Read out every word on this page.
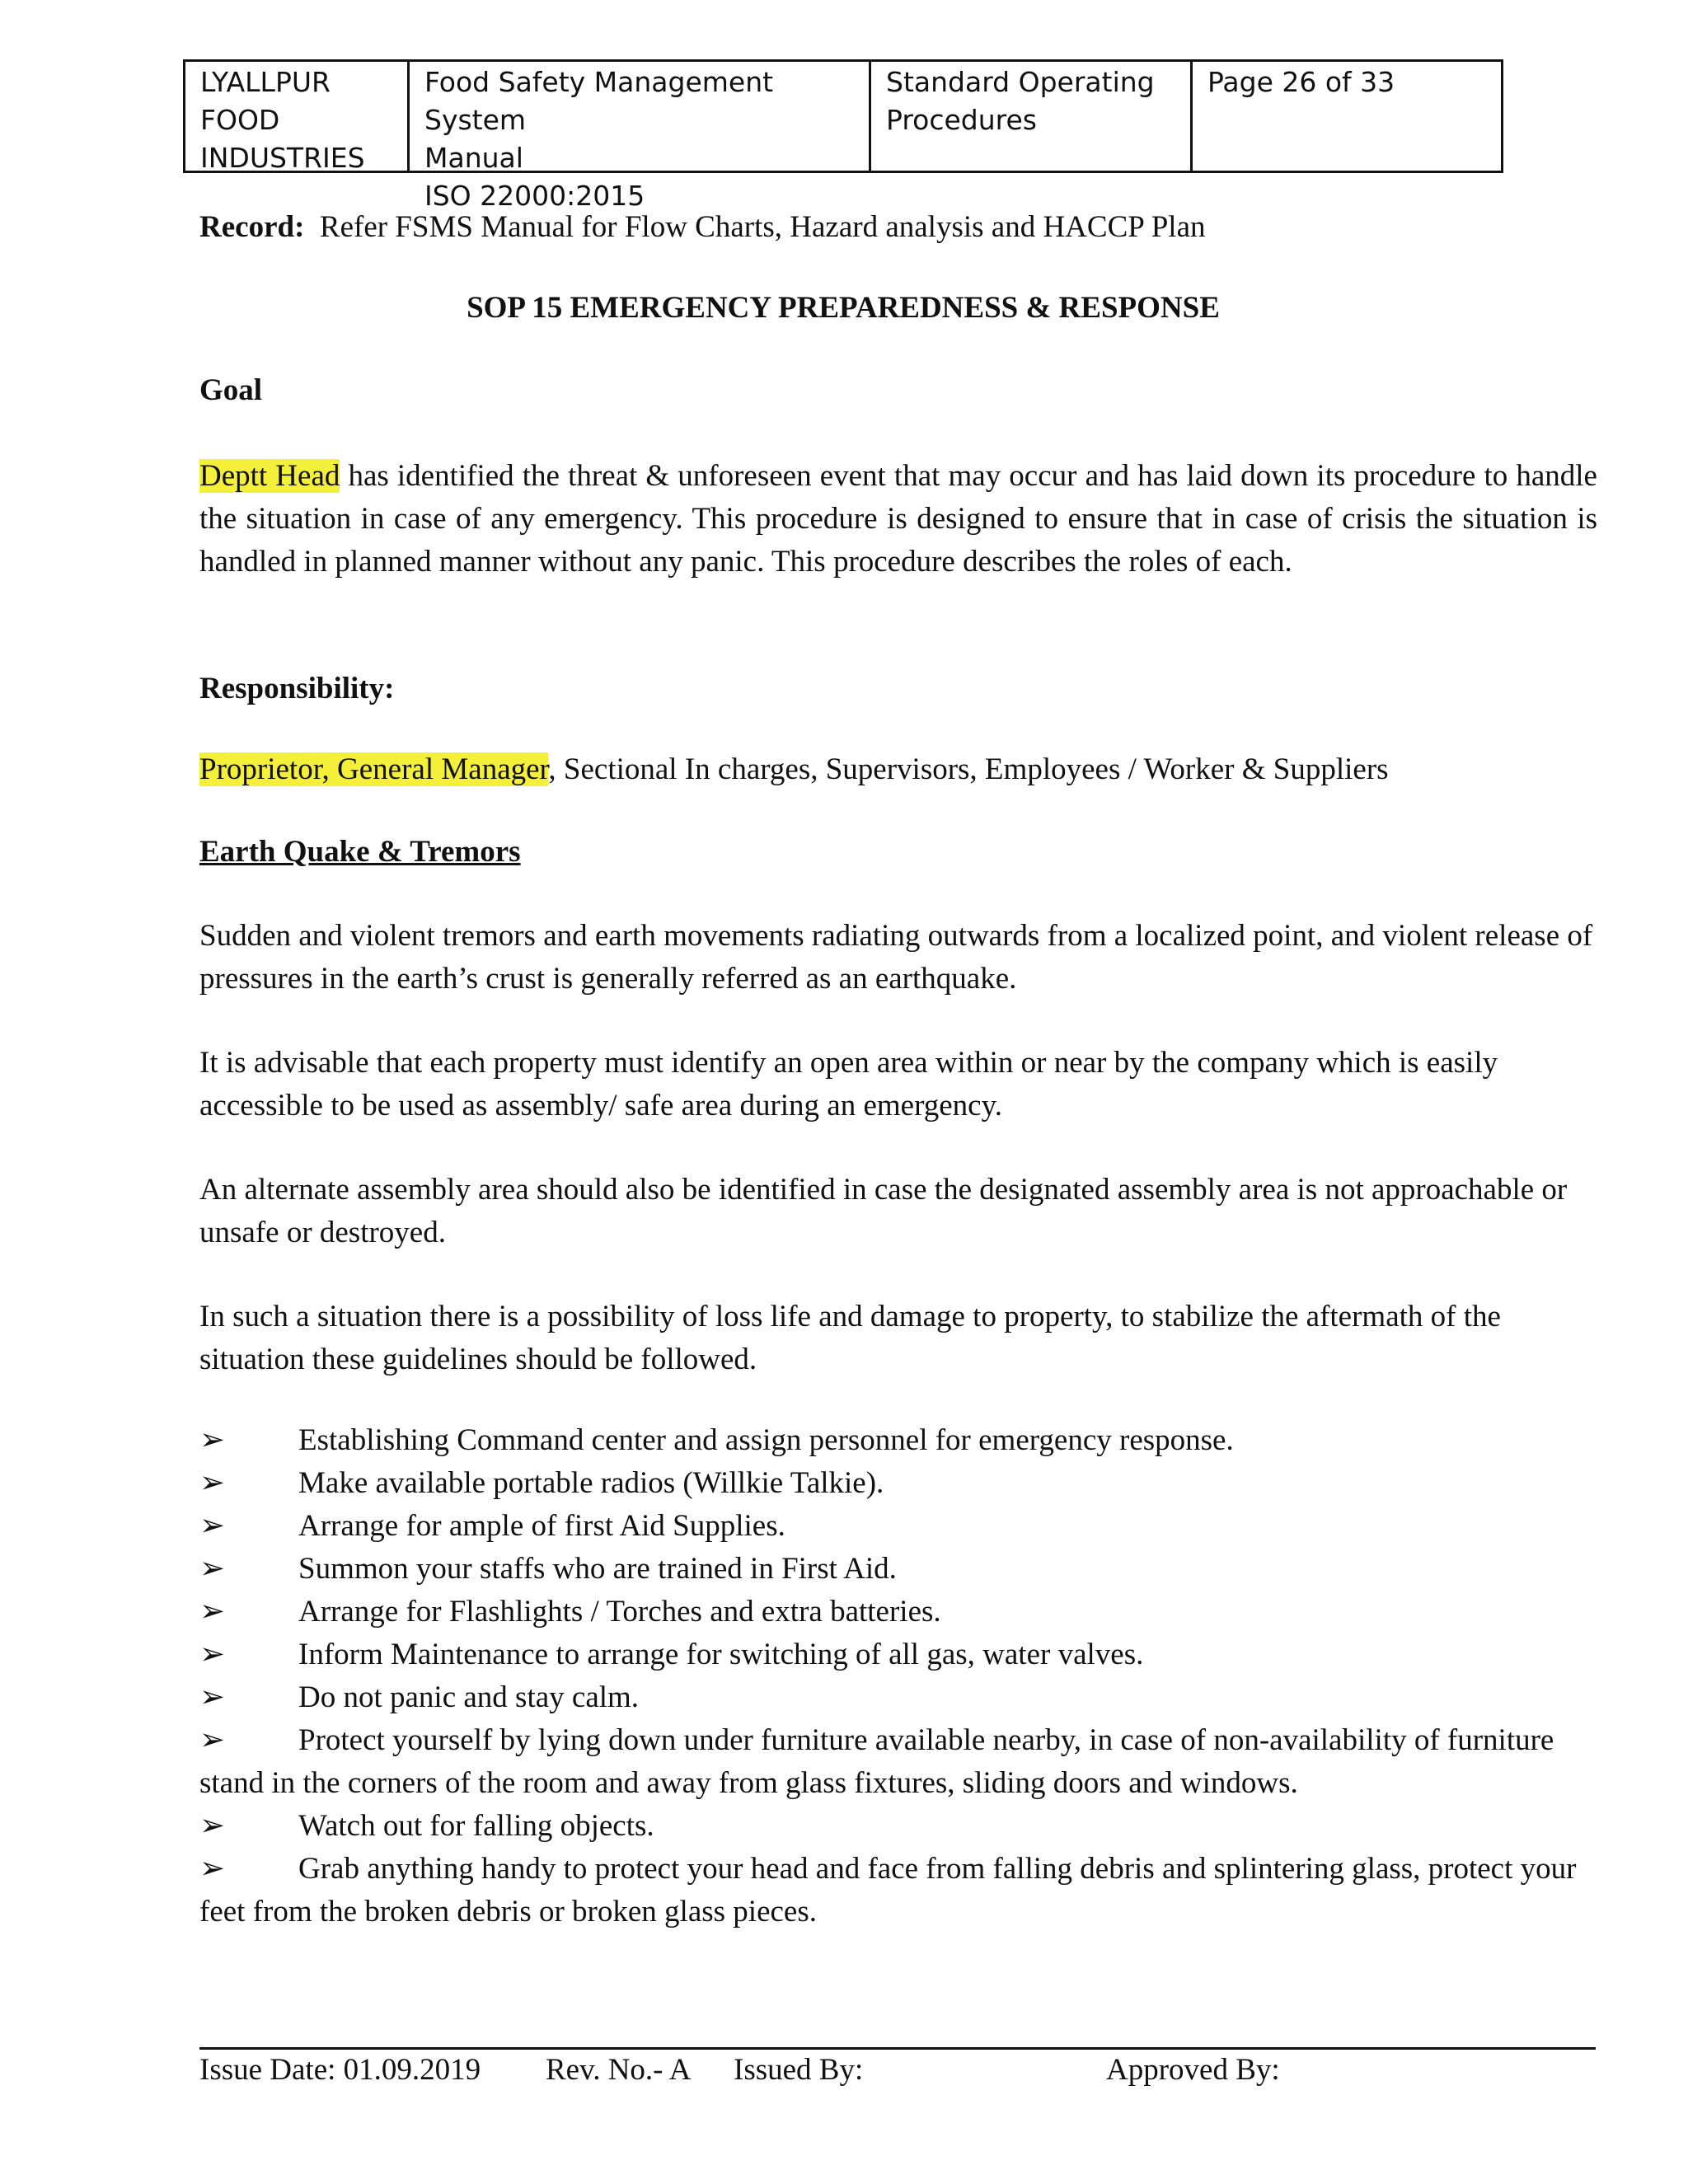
LYALLPUR
FOOD
INDUSTRIES
Food Safety Management System
Manual
ISO 22000:2015
Standard Operating
Procedures
Page 26 of 33
Record: Refer FSMS Manual for Flow Charts, Hazard analysis and HACCP Plan
SOP 15 EMERGENCY PREPAREDNESS & RESPONSE
Goal
Deptt Head has identified the threat & unforeseen event that may occur and has laid down its procedure to handle the situation in case of any emergency. This procedure is designed to ensure that in case of crisis the situation is handled in planned manner without any panic. This procedure describes the roles of each.
Responsibility:
Proprietor, General Manager, Sectional In charges, Supervisors, Employees / Worker & Suppliers
Earth Quake & Tremors
Sudden and violent tremors and earth movements radiating outwards from a localized point, and violent release of pressures in the earth’s crust is generally referred as an earthquake.
It is advisable that each property must identify an open area within or near by the company which is easily accessible to be used as assembly/ safe area during an emergency.
An alternate assembly area should also be identified in case the designated assembly area is not approachable or unsafe or destroyed.
In such a situation there is a possibility of loss life and damage to property, to stabilize the aftermath of the situation these guidelines should be followed.

➢ Establishing Command center and assign personnel for emergency response.

➢ Make available portable radios (Willkie Talkie).

➢ Arrange for ample of first Aid Supplies.

➢ Summon your staffs who are trained in First Aid.

➢ Arrange for Flashlights / Torches and extra batteries.

➢ Inform Maintenance to arrange for switching of all gas, water valves.

➢ Do not panic and stay calm.

➢ Protect yourself by lying down under furniture available nearby, in case of non-availability of furniture stand in the corners of the room and away from glass fixtures, sliding doors and windows.

➢ Watch out for falling objects.

➢ Grab anything handy to protect your head and face from falling debris and splintering glass, protect your feet from the broken debris or broken glass pieces.

Issue Date: 01.09.2019 Rev. No.- A Issued By:	Approved By:
